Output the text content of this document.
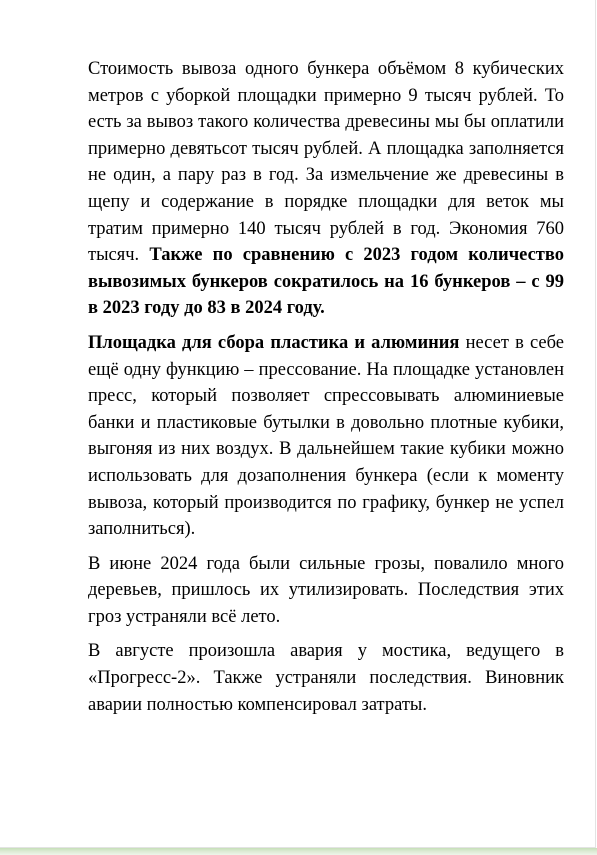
Стоимость вывоза одного бункера объёмом 8 кубических метров с уборкой площадки примерно 9 тысяч рублей. То есть за вывоз такого количества древесины мы бы оплатили примерно девятьсот тысяч рублей. А площадка заполняется не один, а пару раз в год. За измельчение же древесины в щепу и содержание в порядке площадки для веток мы тратим примерно 140 тысяч рублей в год. Экономия 760 тысяч. Также по сравнению с 2023 годом количество вывозимых бункеров сократилось на 16 бункеров – с 99 в 2023 году до 83 в 2024 году.

Площадка для сбора пластика и алюминия несет в себе ещё одну функцию – прессование. На площадке установлен пресс, который позволяет спрессовывать алюминиевые банки и пластиковые бутылки в довольно плотные кубики, выгоняя из них воздух. В дальнейшем такие кубики можно использовать для дозаполнения бункера (если к моменту вывоза, который производится по графику, бункер не успел заполниться).

В июне 2024 года были сильные грозы, повалило много деревьев, пришлось их утилизировать. Последствия этих гроз устраняли всё лето.

В августе произошла авария у мостика, ведущего в «Прогресс-2». Также устраняли последствия. Виновник аварии полностью компенсировал затраты.
